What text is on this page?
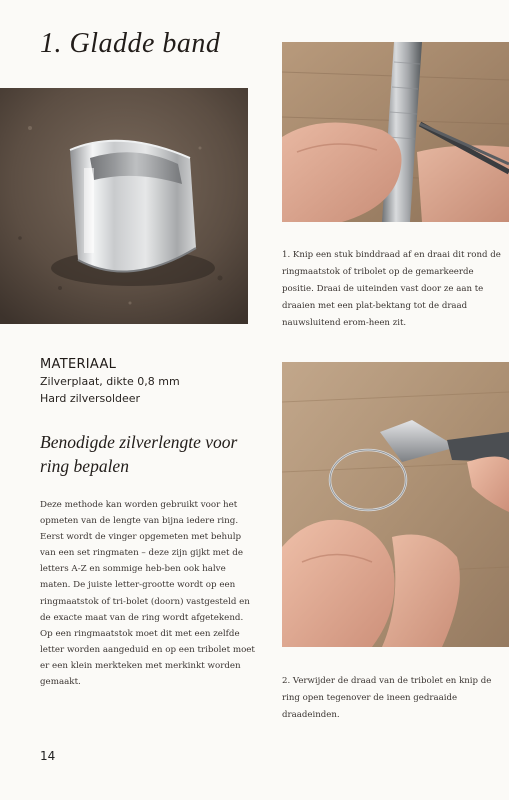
1. Gladde band

1. Knip een stuk binddraad af en draai dit rond de ringmaatstok of tribolet op de gemarkeerde positie. Draai de uiteinden vast door ze aan te draaien met een plat-bektang tot de draad nauwsluitend erom-heen zit.

MATERIAAL

Zilverplaat, dikte 0,8 mm

Hard zilversoldeer

Benodigde zilverlengte voor ring bepalen

Deze methode kan worden gebruikt voor het opmeten van de lengte van bijna iedere ring. Eerst wordt de vinger opgemeten met behulp van een set ringmaten – deze zijn gijkt met de letters A-Z en sommige heb-ben ook halve maten. De juiste letter-grootte wordt op een ringmaatstok of tri-bolet (doorn) vastgesteld en de exacte maat van de ring wordt afgetekend. Op een ringmaatstok moet dit met een zelfde letter worden aangeduid en op een tribolet moet er een klein merkteken met merkinkt worden gemaakt.	2. Verwijder de draad van de tribolet en knip de ring open tegenover de ineen gedraaide draadeinden.

14
